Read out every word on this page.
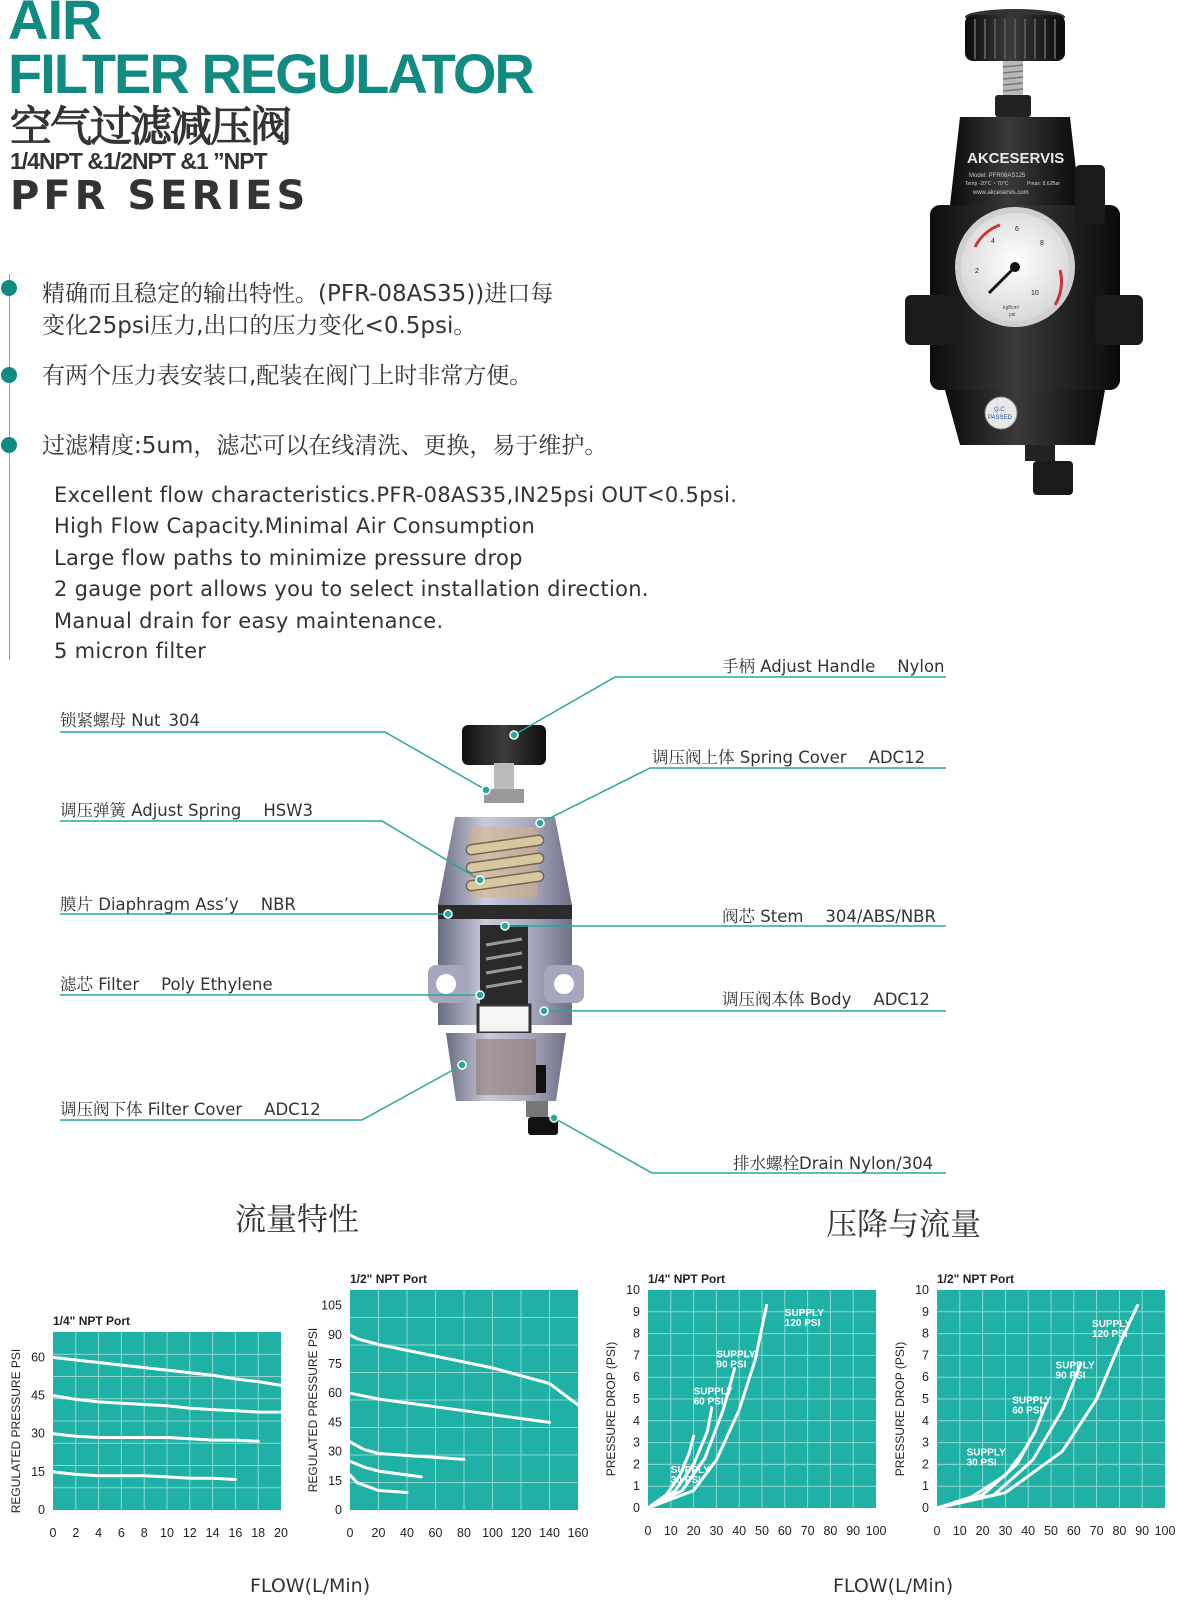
AIR
FILTER REGULATOR
空气过滤减压阀
1/4NPT &1/2NPT &1 ”NPT
PFR SERIES
精确而且稳定的输出特性。(PFR-08AS35))进口每
变化25psi压力,出口的压力变化<0.5psi。
有两个压力表安装口,配装在阀门上时非常方便。
过滤精度:5um，滤芯可以在线清洗、更换，易于维护。
Excellent flow characteristics.PFR-08AS35,IN25psi OUT<0.5psi.
High Flow Capacity.Minimal Air Consumption
Large flow paths to minimize pressure drop
2 gauge port allows you to select installation direction.
Manual drain for easy maintenance.
5 micron filter
AKCESERVIS
Model: PFR08AS125
Temp -20°C ~ 70°C	Pmax: 8.62Bar
www.akceservis.com
2
4
6
8
10
kgf/cm²
psi
Q.C
PASSED
手柄 Adjust Handle Nylon
锁紧螺母 Nut 304
调压阀上体 Spring Cover ADC12
调压弹簧 Adjust Spring HSW3
膜片 Diaphragm Ass’y NBR
阀芯 Stem 304/ABS/NBR
滤芯 Filter Poly Ethylene
调压阀本体 Body ADC12
调压阀下体 Filter Cover ADC12
排水螺栓Drain Nylon/304
流量特性	压降与流量
1/4" NPT Port
0 2 4 6 8 10 12 14 16 18 20
0
15
30
45
60
REGULATED PRESSURE PSI
1/2" NPT Port
0 20 40 60 80 100 120 140 160
0
15
30
45
60
75
90
105
REGULATED PRESSURE PSI
1/4" NPT Port
0 10 20 30 40 50 60 70 80 90 100
0
1
2
3
4
5
6
7
8
9
10
PRESSURE DROP (PSI)	SUPPLY
30 PSI
SUPPLY
60 PSI
SUPPLY
90 PSI
SUPPLY
120 PSI
1/2" NPT Port
0 10 20 30 40 50 60 70 80 90 100
0
1
2
3
4
5
6
7
8
9
10
PRESSURE DROP (PSI)	SUPPLY
30 PSI
SUPPLY
60 PSI
SUPPLY
90 PSI
SUPPLY
120 PSI
FLOW(L/Min)	FLOW(L/Min)
